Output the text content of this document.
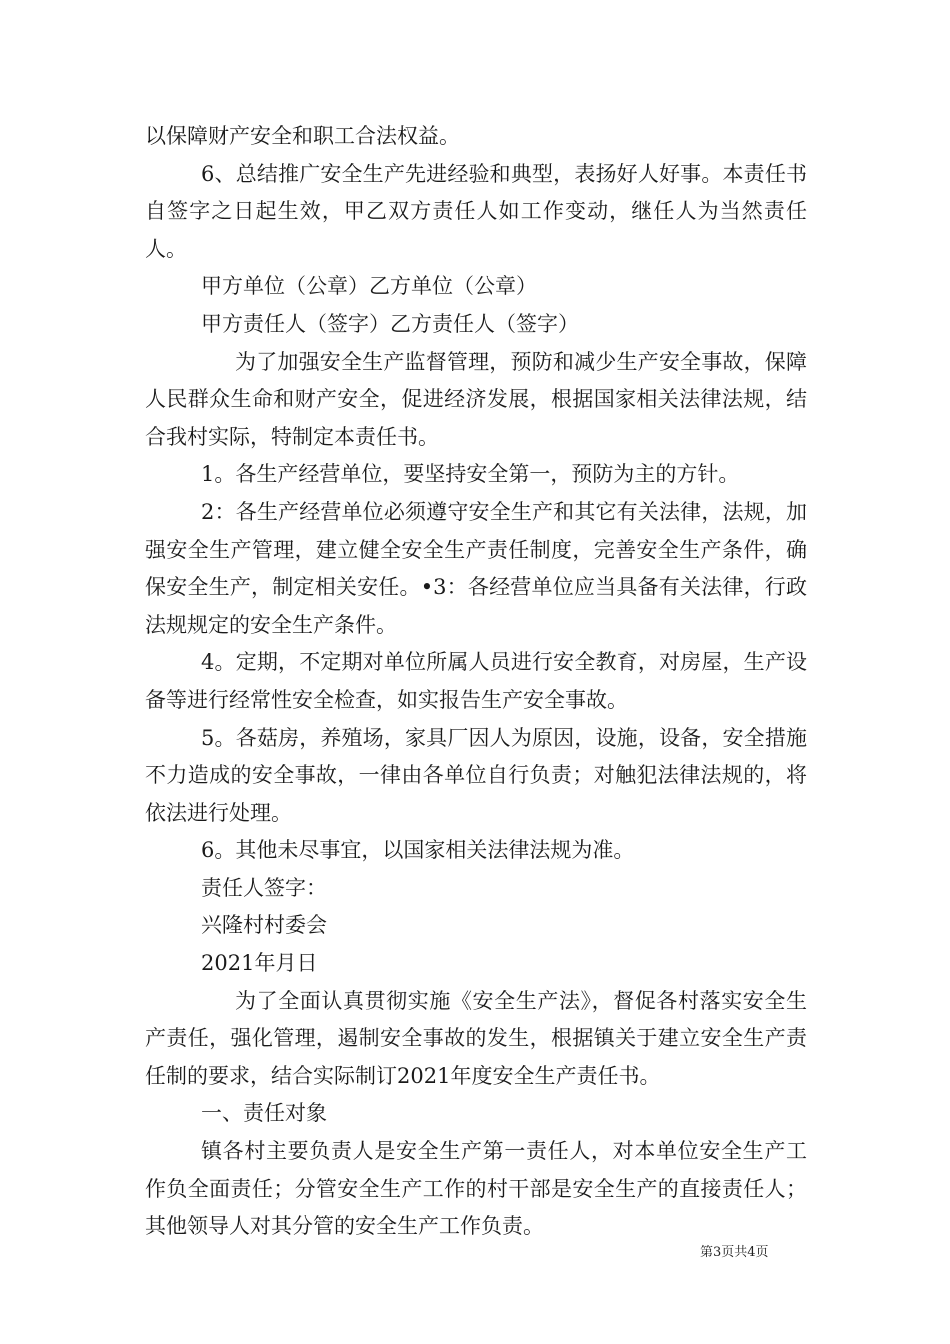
以保障财产安全和职工合法权益。

6、总结推广安全生产先进经验和典型，表扬好人好事。本责任书自签字之日起生效，甲乙双方责任人如工作变动，继任人为当然责任人。

甲方单位（公章）乙方单位（公章）

甲方责任人（签字）乙方责任人（签字）

为了加强安全生产监督管理，预防和减少生产安全事故，保障人民群众生命和财产安全，促进经济发展，根据国家相关法律法规，结合我村实际，特制定本责任书。

1。各生产经营单位，要坚持安全第一，预防为主的方针。

2：各生产经营单位必须遵守安全生产和其它有关法律，法规，加强安全生产管理，建立健全安全生产责任制度，完善安全生产条件，确保安全生产，制定相关安任。•3：各经营单位应当具备有关法律，行政法规规定的安全生产条件。

4。定期，不定期对单位所属人员进行安全教育，对房屋，生产设备等进行经常性安全检查，如实报告生产安全事故。

5。各菇房，养殖场，家具厂因人为原因，设施，设备，安全措施不力造成的安全事故，一律由各单位自行负责；对触犯法律法规的，将依法进行处理。

6。其他未尽事宜，以国家相关法律法规为准。

责任人签字：

兴隆村村委会

2021年月日

为了全面认真贯彻实施《安全生产法》，督促各村落实安全生产责任，强化管理，遏制安全事故的发生，根据镇关于建立安全生产责任制的要求，结合实际制订2021年度安全生产责任书。

一、责任对象

镇各村主要负责人是安全生产第一责任人，对本单位安全生产工作负全面责任；分管安全生产工作的村干部是安全生产的直接责任人；其他领导人对其分管的安全生产工作负责。

第3页共4页
